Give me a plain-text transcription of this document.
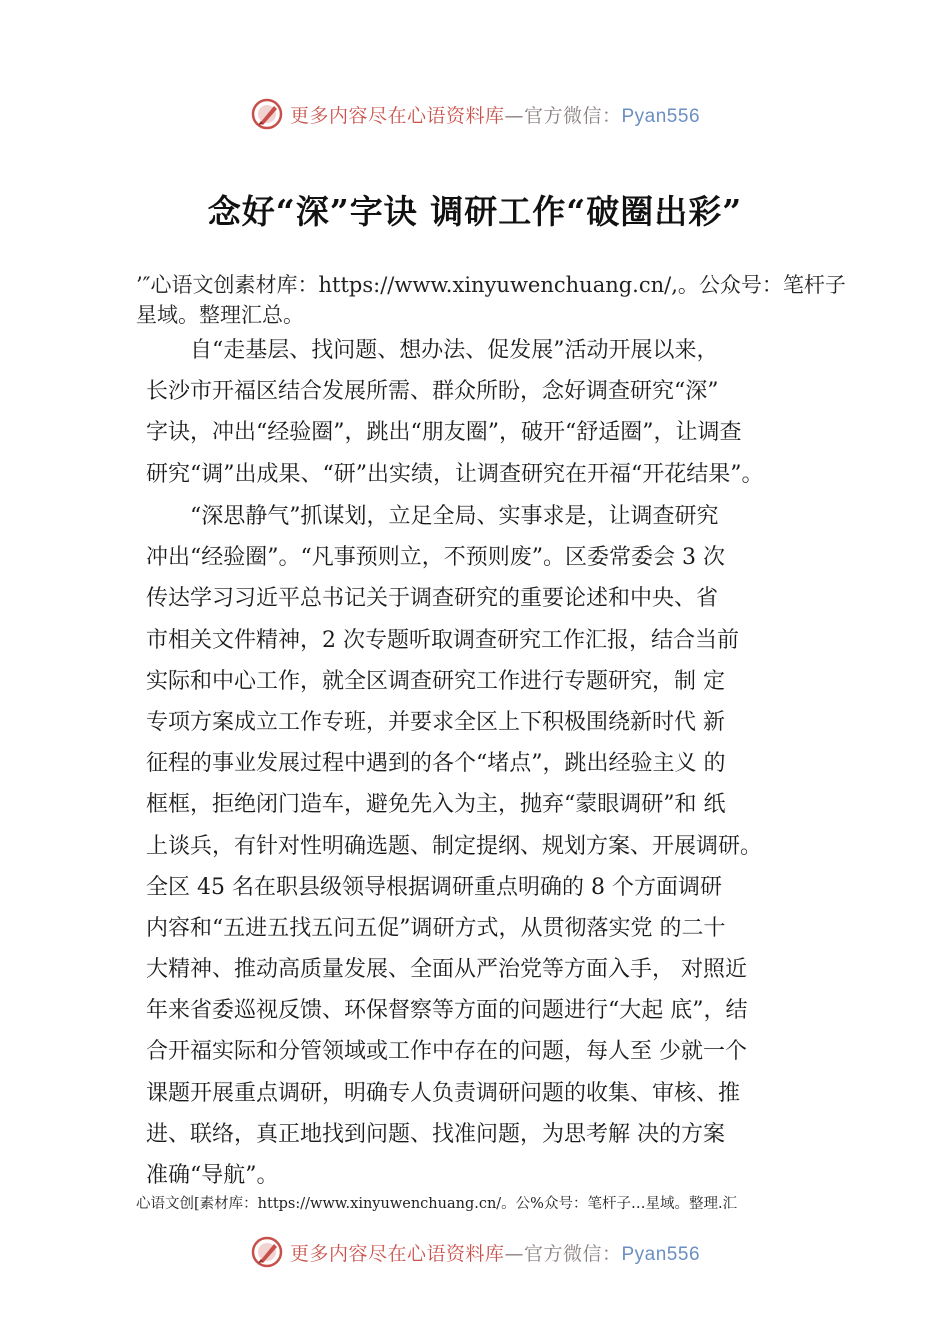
更多内容尽在心语资料库—官方微信：Pyan556
念好“深”字诀 调研工作“破圈出彩”
’″心语文创素材库：https://www.xinyuwenchuang.cn/,。公众号：笔杆子星域。整理汇总。
　　自“走基层、找问题、想办法、促发展”活动开展以来，
长沙市开福区结合发展所需、群众所盼，念好调查研究“深”
字诀，冲出“经验圈”，跳出“朋友圈”，破开“舒适圈”，让调查
研究“调”出成果、“研”出实绩，让调查研究在开福“开花结果”。
　　“深思静气”抓谋划，立足全局、实事求是，让调查研究
冲出“经验圈”。“凡事预则立，不预则废”。区委常委会 3 次
传达学习习近平总书记关于调查研究的重要论述和中央、省
市相关文件精神，2 次专题听取调查研究工作汇报，结合当前
实际和中心工作，就全区调查研究工作进行专题研究，制 定
专项方案成立工作专班，并要求全区上下积极围绕新时代 新
征程的事业发展过程中遇到的各个“堵点”，跳出经验主义 的
框框，拒绝闭门造车，避免先入为主，抛弃“蒙眼调研”和 纸
上谈兵，有针对性明确选题、制定提纲、规划方案、开展调研。
全区 45 名在职县级领导根据调研重点明确的 8 个方面调研
内容和“五进五找五问五促”调研方式，从贯彻落实党 的二十
大精神、推动高质量发展、全面从严治党等方面入手， 对照近
年来省委巡视反馈、环保督察等方面的问题进行“大起 底”，结
合开福实际和分管领域或工作中存在的问题，每人至 少就一个
课题开展重点调研，明确专人负责调研问题的收集、审核、推
进、联络，真正地找到问题、找准问题，为思考解 决的方案
准确“导航”。
心语文创[素材库：https://www.xinyuwenchuang.cn/。公%众号：笔杆子…星域。整理.汇
更多内容尽在心语资料库—官方微信：Pyan556
